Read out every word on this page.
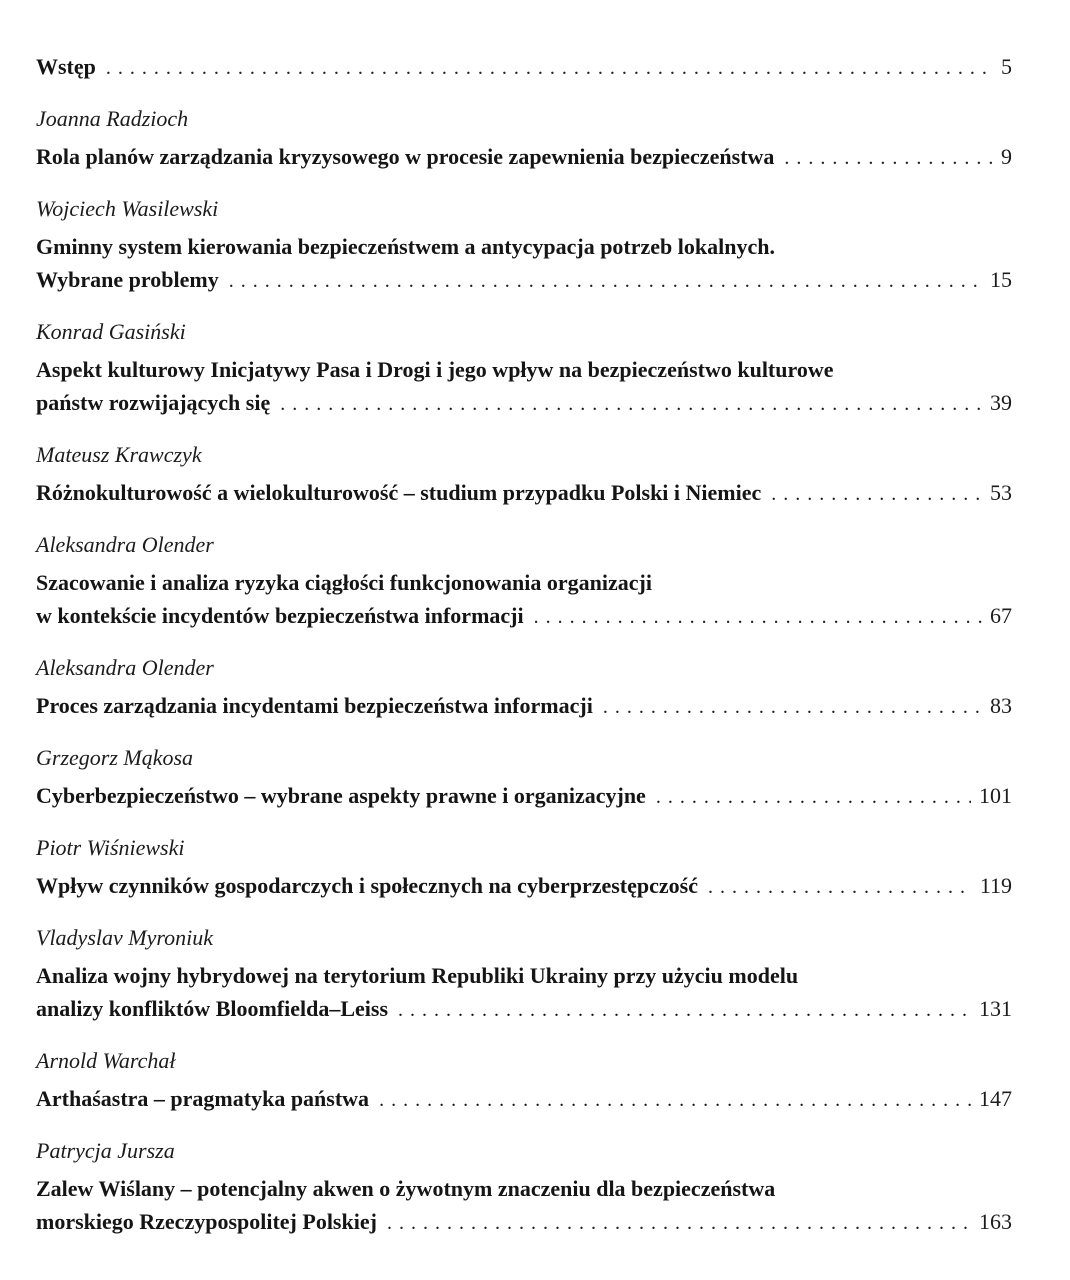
Wstęp . . .	5
Joanna Radzioch
Rola planów zarządzania kryzysowego w procesie zapewnienia bezpieczeństwa . . .	9
Wojciech Wasilewski
Gminny system kierowania bezpieczeństwem a antycypacja potrzeb lokalnych.
Wybrane problemy . . .	15
Konrad Gasiński
Aspekt kulturowy Inicjatywy Pasa i Drogi i jego wpływ na bezpieczeństwo kulturowe
państw rozwijających się . . .	39
Mateusz Krawczyk
Różnokulturowość a wielokulturowość – studium przypadku Polski i Niemiec . . .	53
Aleksandra Olender
Szacowanie i analiza ryzyka ciągłości funkcjonowania organizacji
w kontekście incydentów bezpieczeństwa informacji . . .	67
Aleksandra Olender
Proces zarządzania incydentami bezpieczeństwa informacji . . .	83
Grzegorz Mąkosa
Cyberbezpieczeństwo – wybrane aspekty prawne i organizacyjne . . .	101
Piotr Wiśniewski
Wpływ czynników gospodarczych i społecznych na cyberprzestępczość . . .	119
Vladyslav Myroniuk
Analiza wojny hybrydowej na terytorium Republiki Ukrainy przy użyciu modelu
analizy konfliktów Bloomfielda–Leiss . . .	131
Arnold Warchał
Arthaśastra – pragmatyka państwa . . .	147
Patrycja Jursza
Zalew Wiślany – potencjalny akwen o żywotnym znaczeniu dla bezpieczeństwa
morskiego Rzeczypospolitej Polskiej . . .	163
